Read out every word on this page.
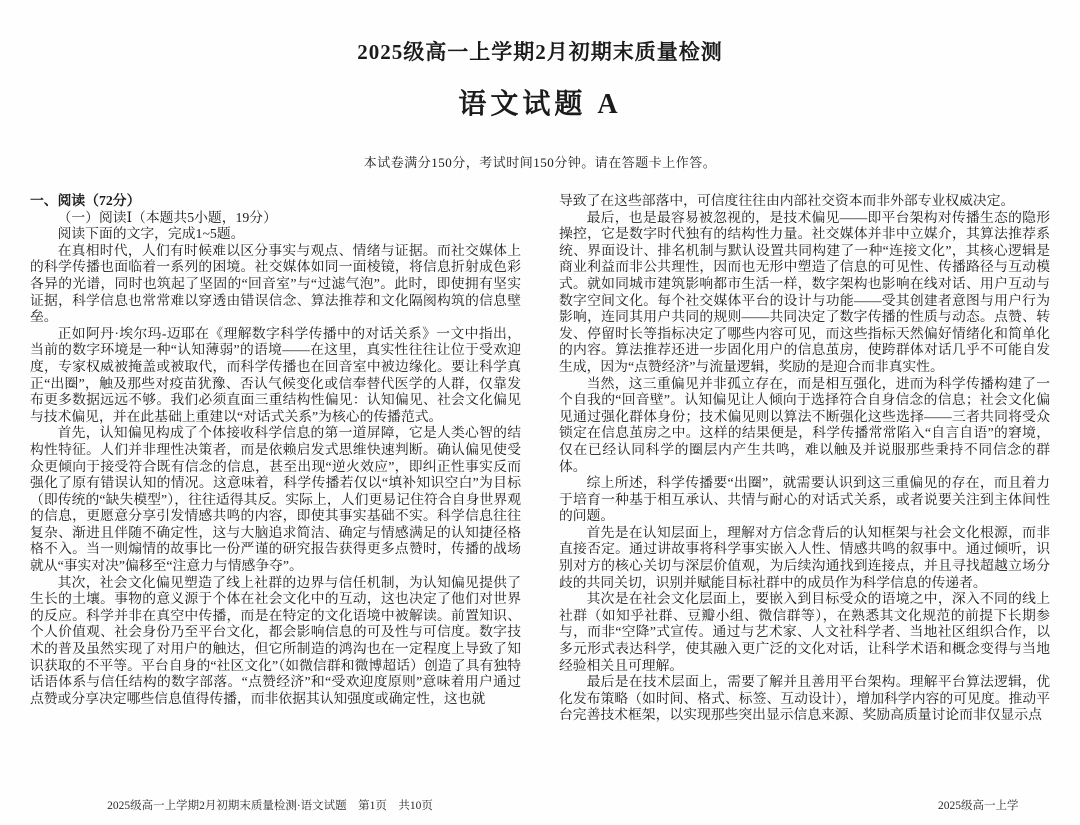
2025级高一上学期2月初期末质量检测
语文试题 A
本试卷满分150分，考试时间150分钟。请在答题卡上作答。
一、阅读（72分）
（一）阅读Ⅰ（本题共5小题，19分）
阅读下面的文字，完成1~5题。

在真相时代，人们有时候难以区分事实与观点、情绪与证据。而社交媒体上的科学传播也面临着一系列的困境。社交媒体如同一面棱镜，将信息折射成色彩各异的光谱，同时也筑起了坚固的“回音室”与“过滤气泡”。此时，即使拥有坚实证据，科学信息也常常难以穿透由错误信念、算法推荐和文化隔阂构筑的信息壁垒。

正如阿丹·埃尔玛-迈耶在《理解数字科学传播中的对话关系》一文中指出，当前的数字环境是一种“认知薄弱”的语境——在这里，真实性往往让位于受欢迎度，专家权威被掩盖或被取代，而科学传播也在回音室中被边缘化。要让科学真正“出圈”，触及那些对疫苗犹豫、否认气候变化或信奉替代医学的人群，仅靠发布更多数据远远不够。我们必须直面三重结构性偏见：认知偏见、社会文化偏见与技术偏见，并在此基础上重建以“对话式关系”为核心的传播范式。

首先，认知偏见构成了个体接收科学信息的第一道屏障，它是人类心智的结构性特征。人们并非理性决策者，而是依赖启发式思维快速判断。确认偏见使受众更倾向于接受符合既有信念的信息，甚至出现“逆火效应”，即纠正性事实反而强化了原有错误认知的情况。这意味着，科学传播若仅以“填补知识空白”为目标（即传统的“缺失模型”），往往适得其反。实际上，人们更易记住符合自身世界观的信息，更愿意分享引发情感共鸣的内容，即使其事实基础不实。科学信息往往复杂、渐进且伴随不确定性，这与大脑追求简洁、确定与情感满足的认知捷径格格不入。当一则煽情的故事比一份严谨的研究报告获得更多点赞时，传播的战场就从“事实对决”偏移至“注意力与情感争夺”。

其次，社会文化偏见塑造了线上社群的边界与信任机制，为认知偏见提供了生长的土壤。事物的意义源于个体在社会文化中的互动，这也决定了他们对世界的反应。科学并非在真空中传播，而是在特定的文化语境中被解读。前置知识、个人价值观、社会身份乃至平台文化，都会影响信息的可及性与可信度。数字技术的普及虽然实现了对用户的触达，但它所制造的鸿沟也在一定程度上导致了知识获取的不平等。平台自身的“社区文化”（如微信群和微博超话）创造了具有独特话语体系与信任结构的数字部落。“点赞经济”和“受欢迎度原则”意味着用户通过点赞或分享决定哪些信息值得传播，而非依据其认知强度或确定性，这也就

导致了在这些部落中，可信度往往由内部社交资本而非外部专业权威决定。

最后，也是最容易被忽视的，是技术偏见——即平台架构对传播生态的隐形操控，它是数字时代独有的结构性力量。社交媒体并非中立媒介，其算法推荐系统、界面设计、排名机制与默认设置共同构建了一种“连接文化”，其核心逻辑是商业利益而非公共理性，因而也无形中塑造了信息的可见性、传播路径与互动模式。就如同城市建筑影响都市生活一样，数字架构也影响在线对话、用户互动与数字空间文化。每个社交媒体平台的设计与功能——受其创建者意图与用户行为影响，连同其用户共同的规则——共同决定了数字传播的性质与动态。点赞、转发、停留时长等指标决定了哪些内容可见，而这些指标天然偏好情绪化和简单化的内容。算法推荐还进一步固化用户的信息茧房，使跨群体对话几乎不可能自发生成，因为“点赞经济”与流量逻辑，奖励的是迎合而非真实性。

当然，这三重偏见并非孤立存在，而是相互强化，进而为科学传播构建了一个自我的“回音壁”。认知偏见让人倾向于选择符合自身信念的信息；社会文化偏见通过强化群体身份；技术偏见则以算法不断强化这些选择——三者共同将受众锁定在信息茧房之中。这样的结果便是，科学传播常常陷入“自言自语”的窘境，仅在已经认同科学的圈层内产生共鸣，难以触及并说服那些秉持不同信念的群体。

综上所述，科学传播要“出圈”，就需要认识到这三重偏见的存在，而且着力于培育一种基于相互承认、共情与耐心的对话式关系，或者说要关注到主体间性的问题。

首先是在认知层面上，理解对方信念背后的认知框架与社会文化根源，而非直接否定。通过讲故事将科学事实嵌入人性、情感共鸣的叙事中。通过倾听，识别对方的核心关切与深层价值观，为后续沟通找到连接点，并且寻找超越立场分歧的共同关切，识别并赋能目标社群中的成员作为科学信息的传递者。

其次是在社会文化层面上，要嵌入到目标受众的语境之中，深入不同的线上社群（如知乎社群、豆瓣小组、微信群等），在熟悉其文化规范的前提下长期参与，而非“空降”式宣传。通过与艺术家、人文社科学者、当地社区组织合作，以多元形式表达科学，使其融入更广泛的文化对话，让科学术语和概念变得与当地经验相关且可理解。

最后是在技术层面上，需要了解并且善用平台架构。理解平台算法逻辑，优化发布策略（如时间、格式、标签、互动设计），增加科学内容的可见度。推动平台完善技术框架，以实现那些突出显示信息来源、奖励高质量讨论而非仅显示点

2025级高一上学期2月初期末质量检测·语文试题　第1页　共10页	2025级高一上学
